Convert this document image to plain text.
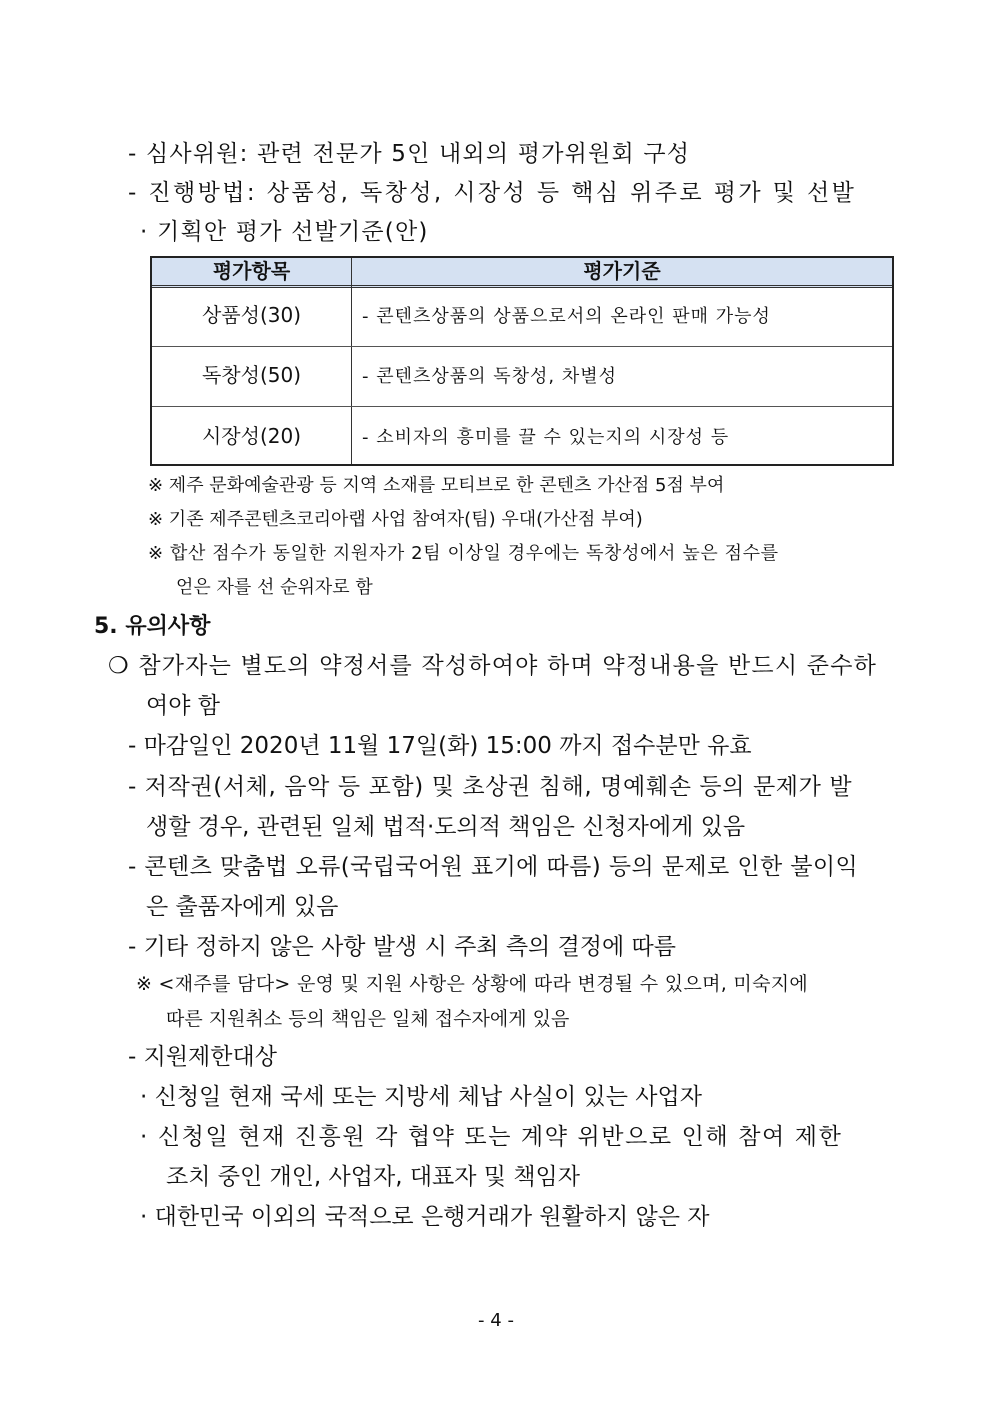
- 심사위원: 관련 전문가 5인 내외의 평가위원회 구성
- 진행방법: 상품성, 독창성, 시장성 등 핵심 위주로 평가 및 선발
· 기획안 평가 선발기준(안)
평가항목	평가기준
상품성(30)	- 콘텐츠상품의 상품으로서의 온라인 판매 가능성
독창성(50)	- 콘텐츠상품의 독창성, 차별성
시장성(20)	- 소비자의 흥미를 끌 수 있는지의 시장성 등
※ 제주 문화예술관광 등 지역 소재를 모티브로 한 콘텐츠 가산점 5점 부여
※ 기존 제주콘텐츠코리아랩 사업 참여자(팀) 우대(가산점 부여)
※ 합산 점수가 동일한 지원자가 2팀 이상일 경우에는 독창성에서 높은 점수를
얻은 자를 선 순위자로 함
5. 유의사항
❍ 참가자는 별도의 약정서를 작성하여야 하며 약정내용을 반드시 준수하
여야 함
- 마감일인 2020년 11월 17일(화) 15:00 까지 접수분만 유효
- 저작권(서체, 음악 등 포함) 및 초상권 침해, 명예훼손 등의 문제가 발
생할 경우, 관련된 일체 법적·도의적 책임은 신청자에게 있음
- 콘텐츠 맞춤법 오류(국립국어원 표기에 따름) 등의 문제로 인한 불이익
은 출품자에게 있음
- 기타 정하지 않은 사항 발생 시 주최 측의 결정에 따름
※ <재주를 담다> 운영 및 지원 사항은 상황에 따라 변경될 수 있으며, 미숙지에
따른 지원취소 등의 책임은 일체 접수자에게 있음
- 지원제한대상
· 신청일 현재 국세 또는 지방세 체납 사실이 있는 사업자
· 신청일 현재 진흥원 각 협약 또는 계약 위반으로 인해 참여 제한
조치 중인 개인, 사업자, 대표자 및 책임자
· 대한민국 이외의 국적으로 은행거래가 원활하지 않은 자
- 4 -
